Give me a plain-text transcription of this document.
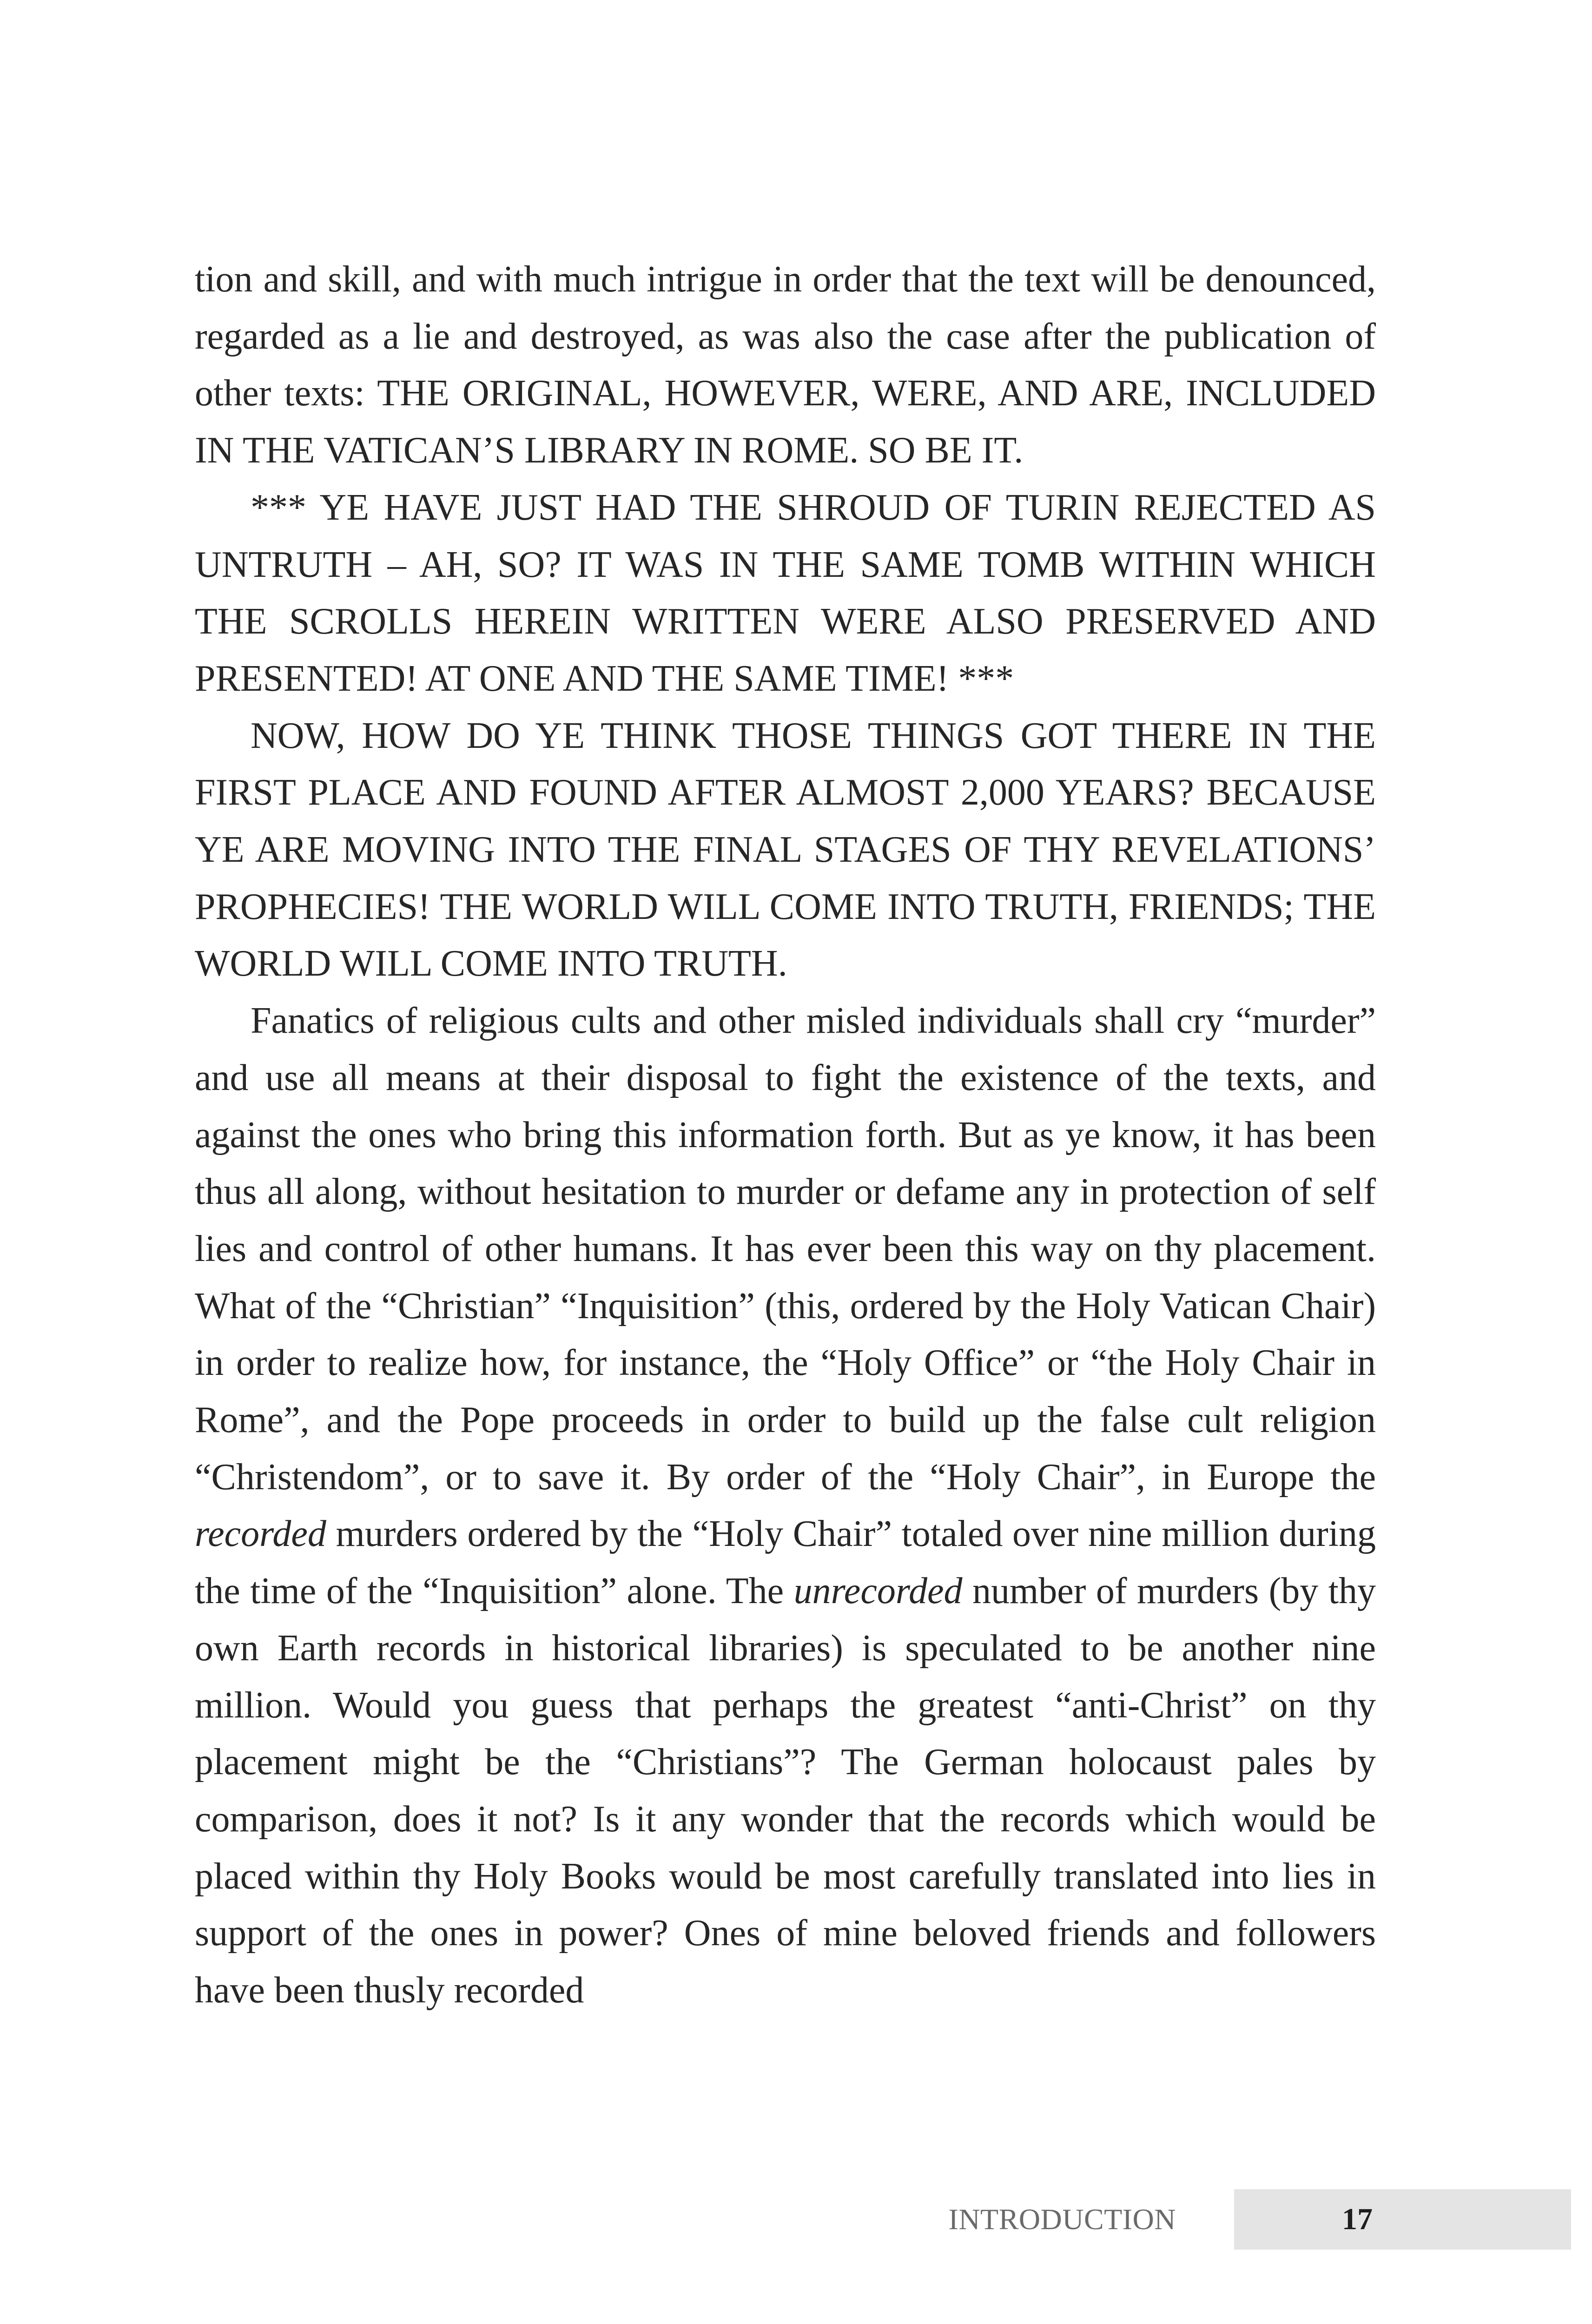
tion and skill, and with much intrigue in order that the text will be denounced, regarded as a lie and destroyed, as was also the case after the publication of other texts: THE ORIGINAL, HOWEVER, WERE, AND ARE, INCLUDED IN THE VATICAN’S LIBRARY IN ROME. SO BE IT.

*** YE HAVE JUST HAD THE SHROUD OF TURIN REJECTED AS UNTRUTH – AH, SO? IT WAS IN THE SAME TOMB WITHIN WHICH THE SCROLLS HEREIN WRITTEN WERE ALSO PRESERVED AND PRESENTED! AT ONE AND THE SAME TIME! ***

NOW, HOW DO YE THINK THOSE THINGS GOT THERE IN THE FIRST PLACE AND FOUND AFTER ALMOST 2,000 YEARS? BECAUSE YE ARE MOVING INTO THE FINAL STAGES OF THY REVELATIONS’ PROPHECIES! THE WORLD WILL COME INTO TRUTH, FRIENDS; THE WORLD WILL COME INTO TRUTH.

Fanatics of religious cults and other misled individuals shall cry “murder” and use all means at their disposal to fight the existence of the texts, and against the ones who bring this information forth. But as ye know, it has been thus all along, without hesitation to murder or defame any in protection of self lies and control of other humans. It has ever been this way on thy placement. What of the “Christian” “Inquisition” (this, ordered by the Holy Vatican Chair) in order to realize how, for instance, the “Holy Office” or “the Holy Chair in Rome”, and the Pope proceeds in order to build up the false cult religion “Christendom”, or to save it. By order of the “Holy Chair”, in Europe the recorded murders ordered by the “Holy Chair” totaled over nine million during the time of the “Inquisition” alone. The unrecorded number of murders (by thy own Earth records in historical libraries) is speculated to be another nine million. Would you guess that perhaps the greatest “anti-Christ” on thy placement might be the “Christians”? The German holocaust pales by comparison, does it not? Is it any wonder that the records which would be placed within thy Holy Books would be most carefully translated into lies in support of the ones in power? Ones of mine beloved friends and followers have been thusly recorded

INTRODUCTION	17
